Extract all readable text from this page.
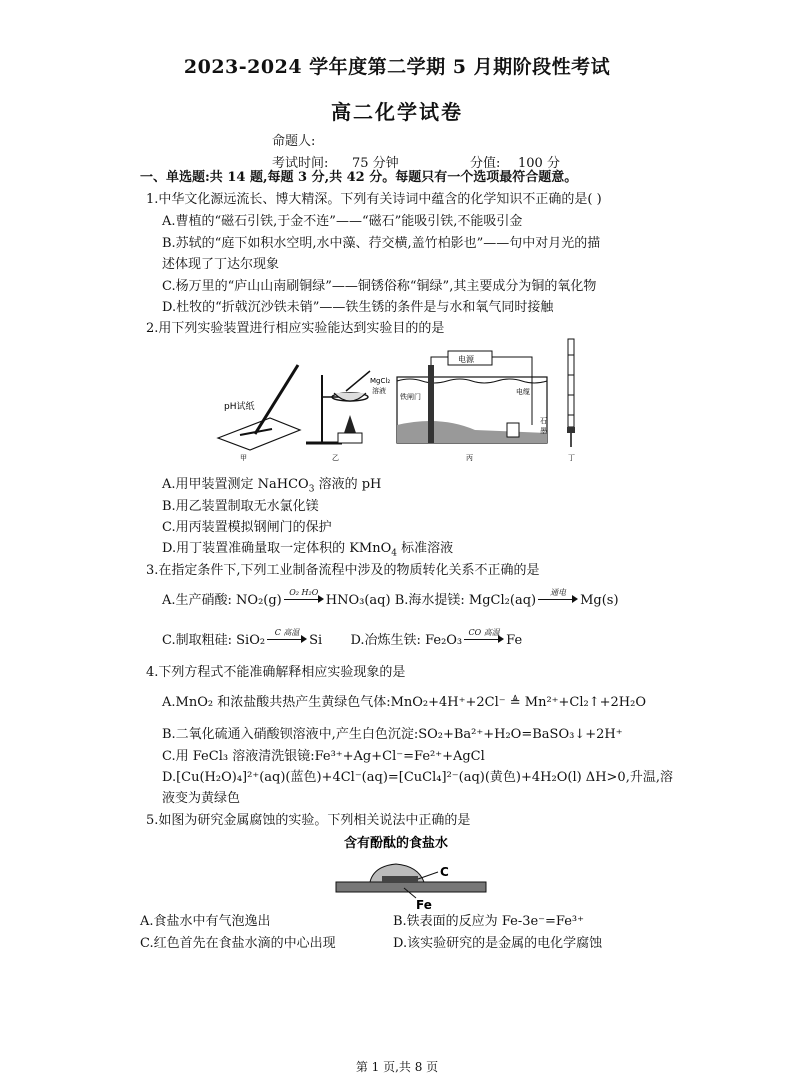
2023-2024 学年度第二学期 5 月期阶段性考试
高二化学试卷
命题人:
考试时间: 75 分钟	分值: 100 分
一、单选题:共 14 题,每题 3 分,共 42 分。每题只有一个选项最符合题意。
1.中华文化源远流长、博大精深。下列有关诗词中蕴含的化学知识不正确的是( )
A.曹植的“磁石引铁,于金不连”——“磁石”能吸引铁,不能吸引金
B.苏轼的“庭下如积水空明,水中藻、荇交横,盖竹柏影也”——句中对月光的描
述体现了丁达尔现象
C.杨万里的“庐山山南刷铜绿”——铜锈俗称“铜绿”,其主要成分为铜的氧化物
D.杜牧的“折戟沉沙铁未销”——铁生锈的条件是与水和氧气同时接触
2.用下列实验装置进行相应实验能达到实验目的的是
pH试纸
甲
MgCl₂
溶液
乙
电源
铁闸门
电缆
石
墨
丙	丁
A.用甲装置测定 NaHCO$_3$ 溶液的 pH
B.用乙装置制取无水氯化镁
C.用丙装置模拟钢闸门的保护
D.用丁装置准确量取一定体积的 KMnO$_4$ 标准溶液
3.在指定条件下,下列工业制备流程中涉及的物质转化关系不正确的是
A.生产硝酸: NO₂(g)
O₂ H₂O
HNO₃(aq) B.海水提镁: MgCl₂(aq)
通电
Mg(s)
C.制取粗硅: SiO₂
C 高温
Si D.冶炼生铁: Fe₂O₃
CO 高温
Fe
4.下列方程式不能准确解释相应实验现象的是
A.MnO₂ 和浓盐酸共热产生黄绿色气体:MnO₂+4H⁺+2Cl⁻ ≜ Mn²⁺+Cl₂↑+2H₂O
B.二氧化硫通入硝酸钡溶液中,产生白色沉淀:SO₂+Ba²⁺+H₂O=BaSO₃↓+2H⁺
C.用 FeCl₃ 溶液清洗银镜:Fe³⁺+Ag+Cl⁻=Fe²⁺+AgCl
D.[Cu(H₂O)₄]²⁺(aq)(蓝色)+4Cl⁻(aq)=[CuCl₄]²⁻(aq)(黄色)+4H₂O(l) ΔH>0,升温,溶
液变为黄绿色
5.如图为研究金属腐蚀的实验。下列相关说法中正确的是
含有酚酞的食盐水
C
Fe
A.食盐水中有气泡逸出	B.铁表面的反应为 Fe-3e⁻=Fe³⁺
C.红色首先在食盐水滴的中心出现	D.该实验研究的是金属的电化学腐蚀
第 1 页,共 8 页
